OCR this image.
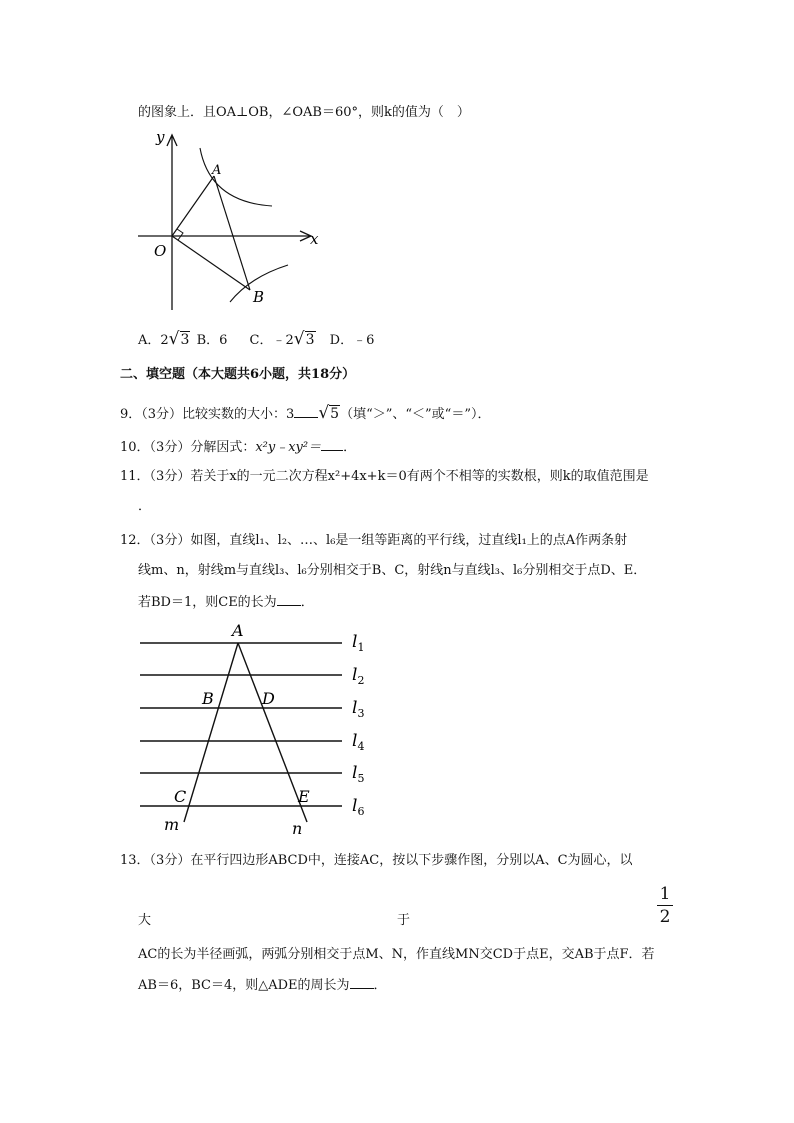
的图象上．且OA⊥OB，∠OAB＝60°，则k的值为（　）
y
x
O
A
B
A．2√3 B．6 C．﹣2√3 D．﹣6
二、填空题（本大题共6小题，共18分）
9．（3分）比较实数的大小：3 √5（填“＞”、“＜”或“＝”）．
10．（3分）分解因式：x²y﹣xy²＝ ．
11．（3分）若关于x的一元二次方程x²+4x+k＝0有两个不相等的实数根，则k的取值范围是
．
12．（3分）如图，直线l₁、l₂、…、l₆是一组等距离的平行线，过直线l₁上的点A作两条射
线m、n，射线m与直线l₃、l₆分别相交于B、C，射线n与直线l₃、l₆分别相交于点D、E．
若BD＝1，则CE的长为 ．
A
B	D
C	E
m	n
$l_1$
$l_2$
$l_3$
$l_4$
$l_5$
$l_6$
13．（3分）在平行四边形ABCD中，连接AC，按以下步骤作图，分别以A、C为圆心，以
大	于
1
2
AC的长为半径画弧，两弧分别相交于点M、N，作直线MN交CD于点E，交AB于点F．若
AB＝6，BC＝4，则△ADE的周长为 ．
